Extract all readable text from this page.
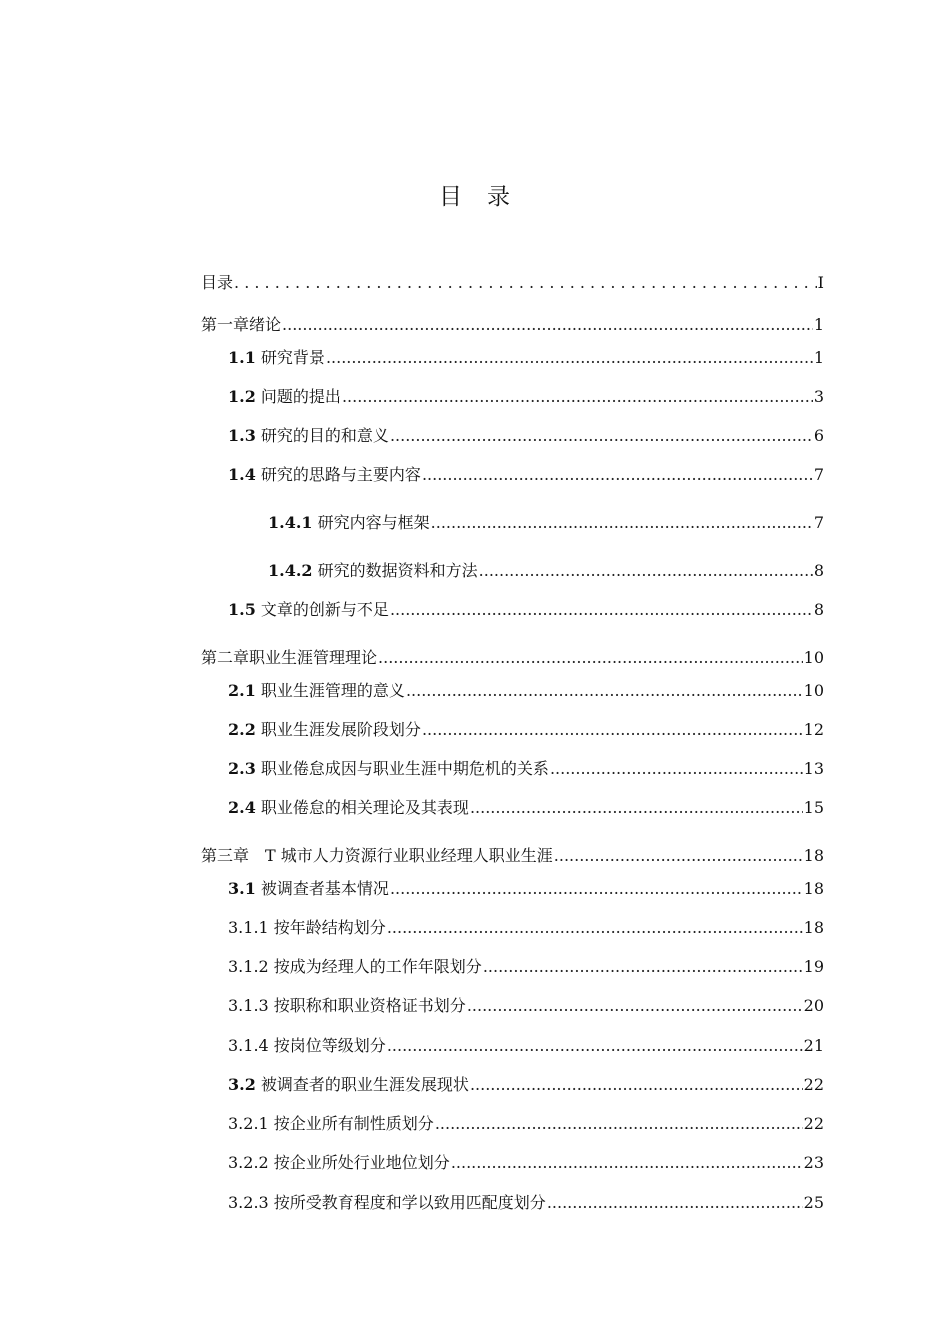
目　录
目录 . . .	I
第一章绪论 .....	1
1.1 研究背景 .....	1
1.2 问题的提出 .....	3
1.3 研究的目的和意义 .....	6
1.4 研究的思路与主要内容 .....	7
1.4.1 研究内容与框架 .....	7
1.4.2 研究的数据资料和方法 .....	8
1.5 文章的创新与不足 .....	8
第二章职业生涯管理理论 .....	10
2.1 职业生涯管理的意义 .....	10
2.2 职业生涯发展阶段划分 .....	12
2.3 职业倦怠成因与职业生涯中期危机的关系 .....	13
2.4 职业倦怠的相关理论及其表现 .....	15
第三章　T 城市人力资源行业职业经理人职业生涯 .....	18
3.1 被调查者基本情况 .....	18
3.1.1 按年龄结构划分 .....	18
3.1.2 按成为经理人的工作年限划分 .....	19
3.1.3 按职称和职业资格证书划分 .....	20
3.1.4 按岗位等级划分 .....	21
3.2 被调查者的职业生涯发展现状 .....	22
3.2.1 按企业所有制性质划分 .....	22
3.2.2 按企业所处行业地位划分 .....	23
3.2.3 按所受教育程度和学以致用匹配度划分 .....	25
